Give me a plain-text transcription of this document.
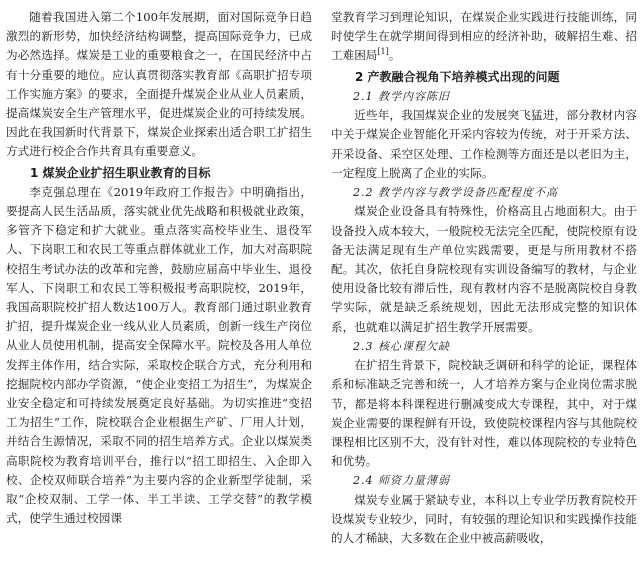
随着我国进入第二个100年发展期，面对国际竞争日趋激烈的新形势，加快经济结构调整，提高国际竞争力，已成为必然选择。煤炭是工业的重要粮食之一，在国民经济中占有十分重要的地位。应认真贯彻落实教育部《高职扩招专项工作实施方案》的要求，全面提升煤炭企业从业人员素质，提高煤炭安全生产管理水平，促进煤炭企业的可持续发展。因此在我国新时代背景下，煤炭企业探索出适合职工扩招生方式进行校企合作共育具有重要意义。

1 煤炭企业扩招生职业教育的目标

李克强总理在《2019年政府工作报告》中明确指出，要提高人民生活品质，落实就业优先战略和积极就业政策，多管齐下稳定和扩大就业。重点落实高校毕业生、退役军人、下岗职工和农民工等重点群体就业工作，加大对高职院校招生考试办法的改革和完善，鼓励应届高中毕业生、退役军人、下岗职工和农民工等积极报考高职院校，2019年，我国高职院校扩招人数达100万人。教育部门通过职业教育扩招，提升煤炭企业一线从业人员素质，创新一线生产岗位从业人员使用机制，提高安全保障水平。院校及各用人单位发挥主体作用，结合实际，采取校企联合方式，充分利用和挖掘院校内部办学资源，“使企业变招工为招生”，为煤炭企业安全稳定和可持续发展奠定良好基础。为切实推进“变招工为招生”工作，院校联合企业根据生产矿、厂用人计划，并结合生源情况，采取不同的招生培养方式。企业以煤炭类高职院校为教育培训平台，推行以“招工即招生、入企即入校、企校双师联合培养”为主要内容的企业新型学徒制，采取“企校双制、工学一体、半工半读、工学交替”的教学模式，使学生通过校园课

堂教育学习到理论知识，在煤炭企业实践进行技能训练，同时使学生在就学期间得到相应的经济补助，破解招生难、招工难困局[1]。

2 产教融合视角下培养模式出现的问题
2.1 教学内容陈旧

近些年，我国煤炭企业的发展突飞猛进，部分教材内容中关于煤炭企业智能化开采内容较为传统，对于开采方法、开采设备、采空区处理、工作检测等方面还是以老旧为主，一定程度上脱离了企业的实际。

2.2 教学内容与教学设备匹配程度不高

煤炭企业设备具有特殊性，价格高且占地面积大。由于设备投入成本较大，一般院校无法完全匹配，使院校原有设备无法满足现有生产单位实践需要，更是与所用教材不搭配。其次，依托自身院校现有实训设备编写的教材，与企业使用设备比较有滞后性，现有教材内容不是脱离院校自身教学实际，就是缺乏系统规划，因此无法形成完整的知识体系，也就难以满足扩招生教学开展需要。

2.3 核心课程欠缺

在扩招生背景下，院校缺乏调研和科学的论证，课程体系和标准缺乏完善和统一，人才培养方案与企业岗位需求脱节，都是将本科课程进行删减变成大专课程，其中，对于煤炭企业需要的课程鲜有开设，致使院校课程内容与其他院校课程相比区别不大，没有针对性，难以体现院校的专业特色和优势。

2.4 师资力量薄弱

煤炭专业属于紧缺专业，本科以上专业学历教育院校开设煤炭专业较少，同时，有较强的理论知识和实践操作技能的人才稀缺，大多数在企业中被高薪吸收，
